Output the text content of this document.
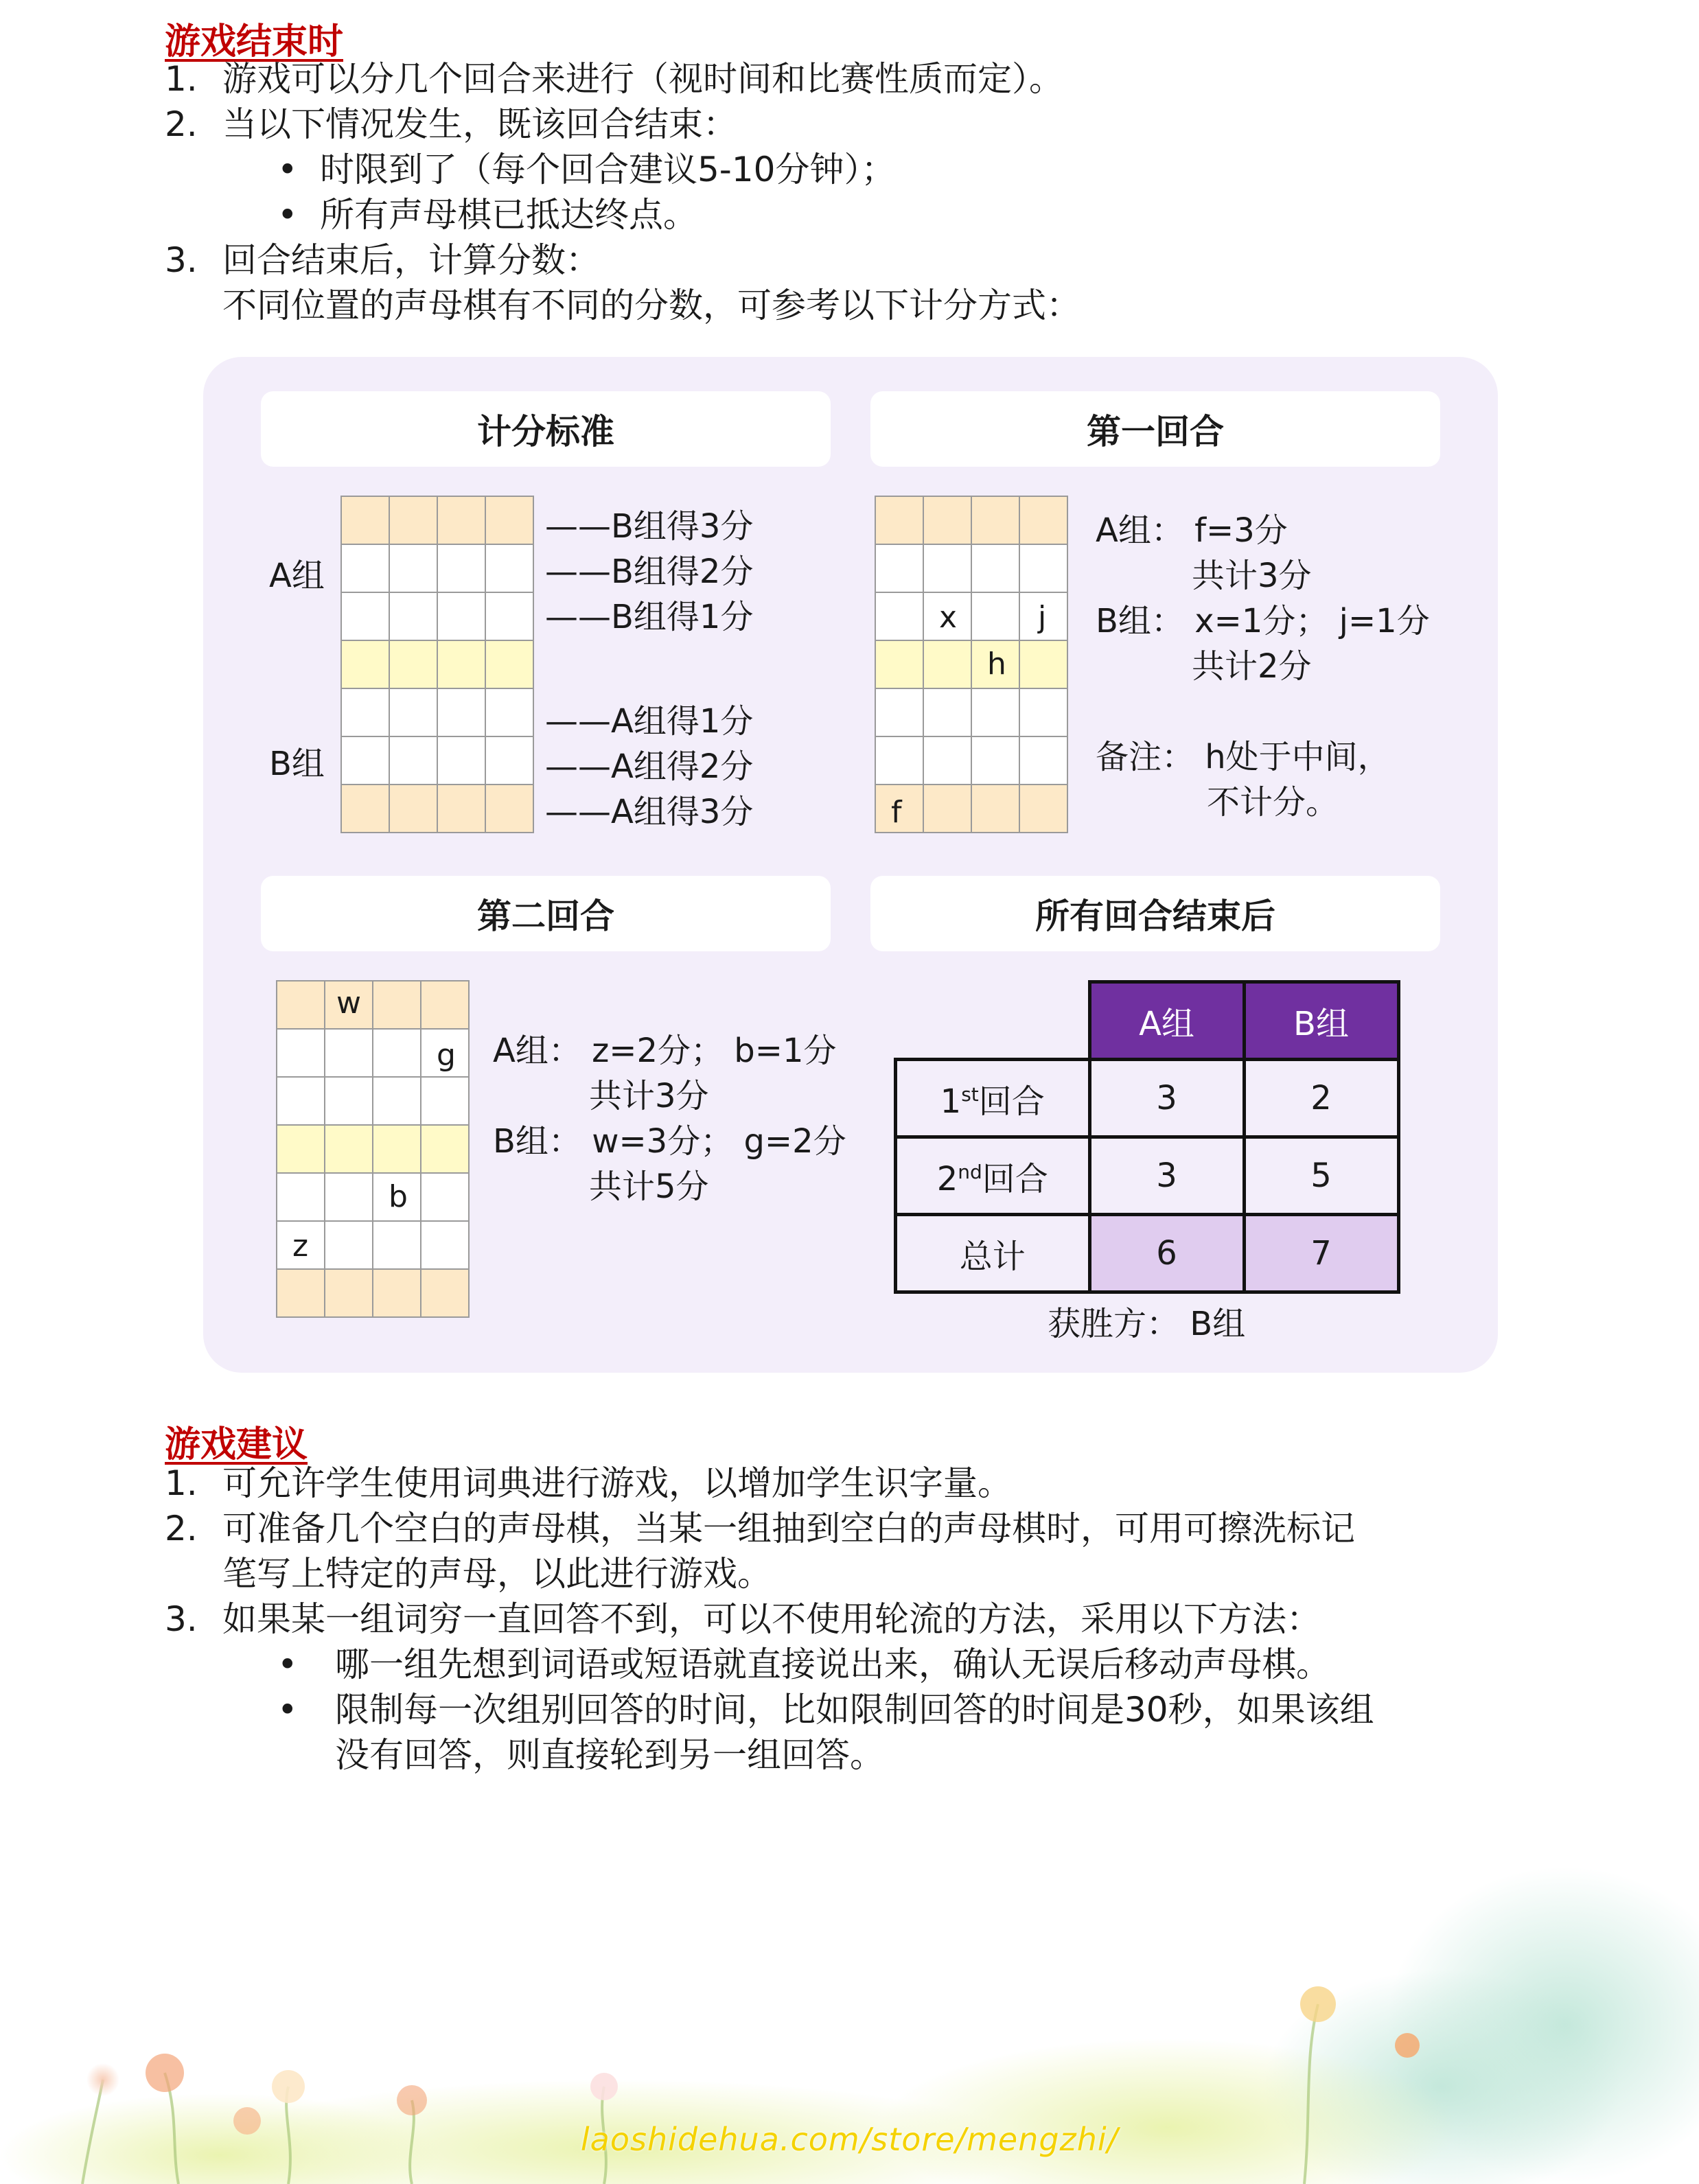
游戏结束时
1. 游戏可以分几个回合来进行（视时间和比赛性质而定）。
2. 当以下情况发生，既该回合结束：
• 时限到了（每个回合建议5-10分钟）；
• 所有声母棋已抵达终点。
3. 回合结束后，计算分数：
不同位置的声母棋有不同的分数，可参考以下计分方式：
计分标准	第一回合
第二回合	所有回合结束后
A组
B组
——B组得3分
——B组得2分
——B组得1分
——A组得1分
——A组得2分
——A组得3分
x	j
h
f
A组： f=3分
共计3分
B组： x=1分； j=1分
共计2分
备注： h处于中间，
不计分。
w
g
b
z
A组： z=2分； b=1分
共计3分
B组： w=3分； g=2分
共计5分
	A组	B组
1st回合	3	2
2nd回合	3	5
总计	6	7
获胜方： B组
游戏建议
1. 可允许学生使用词典进行游戏，以增加学生识字量。
2. 可准备几个空白的声母棋，当某一组抽到空白的声母棋时，可用可擦洗标记
笔写上特定的声母，以此进行游戏。
3. 如果某一组词穷一直回答不到，可以不使用轮流的方法，采用以下方法：
• 哪一组先想到词语或短语就直接说出来，确认无误后移动声母棋。
• 限制每一次组别回答的时间，比如限制回答的时间是30秒，如果该组
没有回答，则直接轮到另一组回答。
laoshidehua.com/store/mengzhi/
